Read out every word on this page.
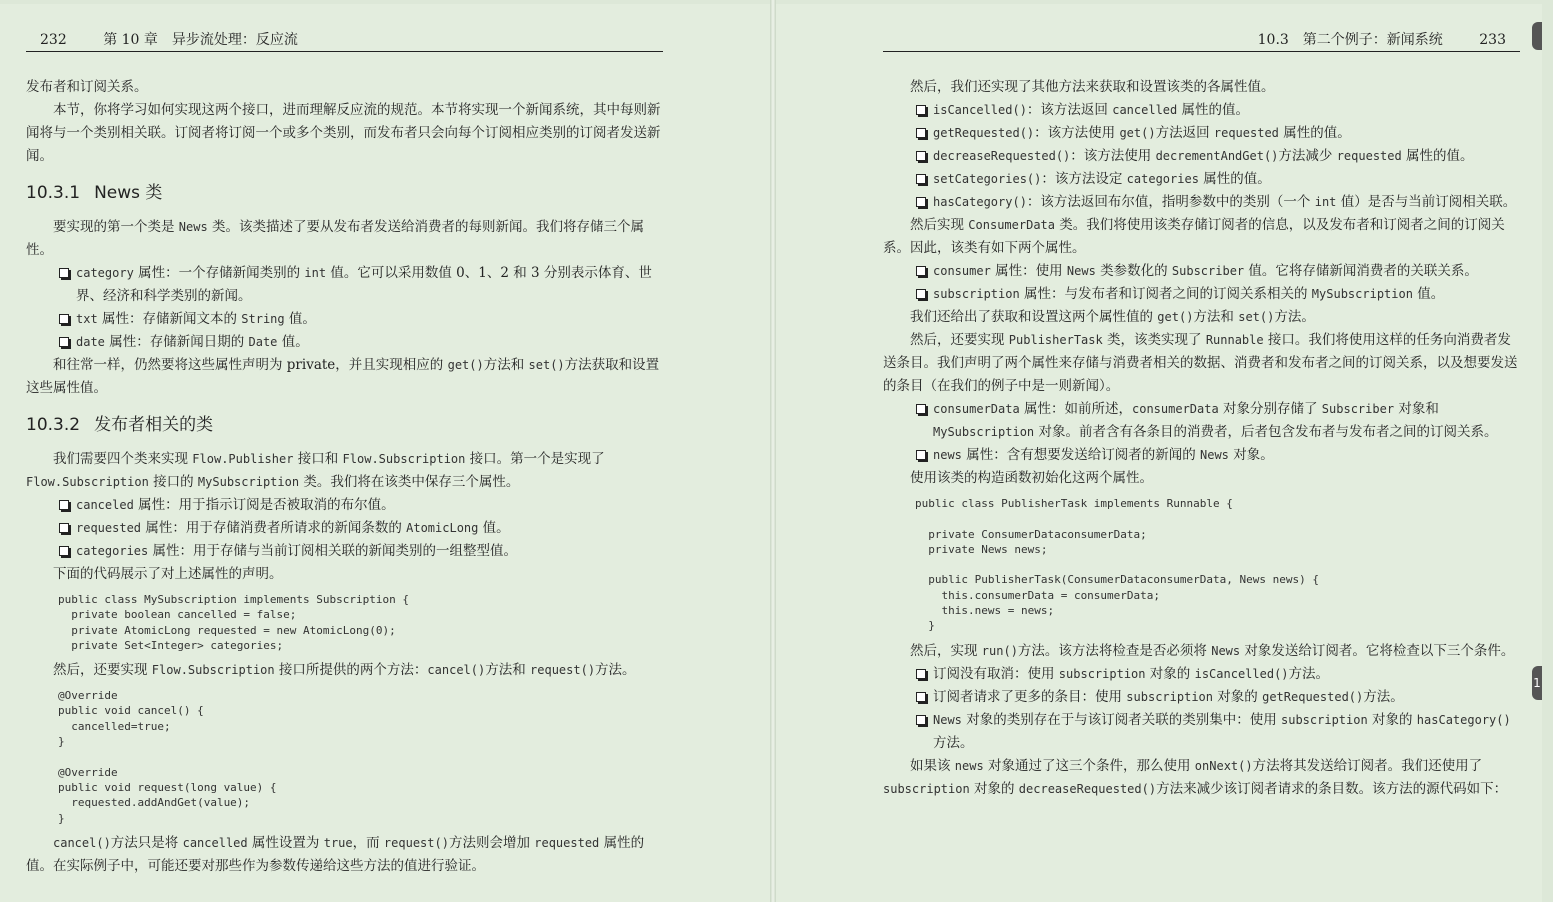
232	第 10 章　异步流处理：反应流

发布者和订阅关系。

本节，你将学习如何实现这两个接口，进而理解反应流的规范。本节将实现一个新闻系统，其中每则新闻将与一个类别相关联。订阅者将订阅一个或多个类别，而发布者只会向每个订阅相应类别的订阅者发送新闻。

10.3.1 News 类

要实现的第一个类是 News 类。该类描述了要从发布者发送给消费者的每则新闻。我们将存储三个属性。

category 属性：一个存储新闻类别的 int 值。它可以采用数值 0、1、2 和 3 分别表示体育、世界、经济和科学类别的新闻。
txt 属性：存储新闻文本的 String 值。
date 属性：存储新闻日期的 Date 值。

和往常一样，仍然要将这些属性声明为 private，并且实现相应的 get()方法和 set()方法获取和设置这些属性值。

10.3.2 发布者相关的类

我们需要四个类来实现 Flow.Publisher 接口和 Flow.Subscription 接口。第一个是实现了 Flow.Subscription 接口的 MySubscription 类。我们将在该类中保存三个属性。

canceled 属性：用于指示订阅是否被取消的布尔值。
requested 属性：用于存储消费者所请求的新闻条数的 AtomicLong 值。
categories 属性：用于存储与当前订阅相关联的新闻类别的一组整型值。

下面的代码展示了对上述属性的声明。

public class MySubscription implements Subscription {
private boolean cancelled = false;
private AtomicLong requested = new AtomicLong(0);
private Set<Integer> categories;

然后，还要实现 Flow.Subscription 接口所提供的两个方法：cancel()方法和 request()方法。

@Override
public void cancel() {
cancelled=true;
}

@Override
public void request(long value) {
requested.addAndGet(value);
}

cancel()方法只是将 cancelled 属性设置为 true，而 request()方法则会增加 requested 属性的值。在实际例子中，可能还要对那些作为参数传递给这些方法的值进行验证。

10.3　第二个例子：新闻系统	233

然后，我们还实现了其他方法来获取和设置该类的各属性值。

isCancelled()：该方法返回 cancelled 属性的值。
getRequested()：该方法使用 get()方法返回 requested 属性的值。
decreaseRequested()：该方法使用 decrementAndGet()方法减少 requested 属性的值。
setCategories()：该方法设定 categories 属性的值。
hasCategory()：该方法返回布尔值，指明参数中的类别（一个 int 值）是否与当前订阅相关联。

然后实现 ConsumerData 类。我们将使用该类存储订阅者的信息，以及发布者和订阅者之间的订阅关系。因此，该类有如下两个属性。

consumer 属性：使用 News 类参数化的 Subscriber 值。它将存储新闻消费者的关联关系。
subscription 属性：与发布者和订阅者之间的订阅关系相关的 MySubscription 值。

我们还给出了获取和设置这两个属性值的 get()方法和 set()方法。

然后，还要实现 PublisherTask 类，该类实现了 Runnable 接口。我们将使用这样的任务向消费者发送条目。我们声明了两个属性来存储与消费者相关的数据、消费者和发布者之间的订阅关系，以及想要发送的条目（在我们的例子中是一则新闻）。

consumerData 属性：如前所述，consumerData 对象分别存储了 Subscriber 对象和 MySubscription 对象。前者含有各条目的消费者，后者包含发布者与发布者之间的订阅关系。
news 属性：含有想要发送给订阅者的新闻的 News 对象。

使用该类的构造函数初始化这两个属性。

public class PublisherTask implements Runnable {

private ConsumerDataconsumerData;
private News news;

public PublisherTask(ConsumerDataconsumerData, News news) {
this.consumerData = consumerData;
this.news = news;
}

然后，实现 run()方法。该方法将检查是否必须将 News 对象发送给订阅者。它将检查以下三个条件。

订阅没有取消：使用 subscription 对象的 isCancelled()方法。
订阅者请求了更多的条目：使用 subscription 对象的 getRequested()方法。
News 对象的类别存在于与该订阅者关联的类别集中：使用 subscription 对象的 hasCategory() 方法。

如果该 news 对象通过了这三个条件，那么使用 onNext()方法将其发送给订阅者。我们还使用了 subscription 对象的 decreaseRequested()方法来减少该订阅者请求的条目数。该方法的源代码如下：

1
